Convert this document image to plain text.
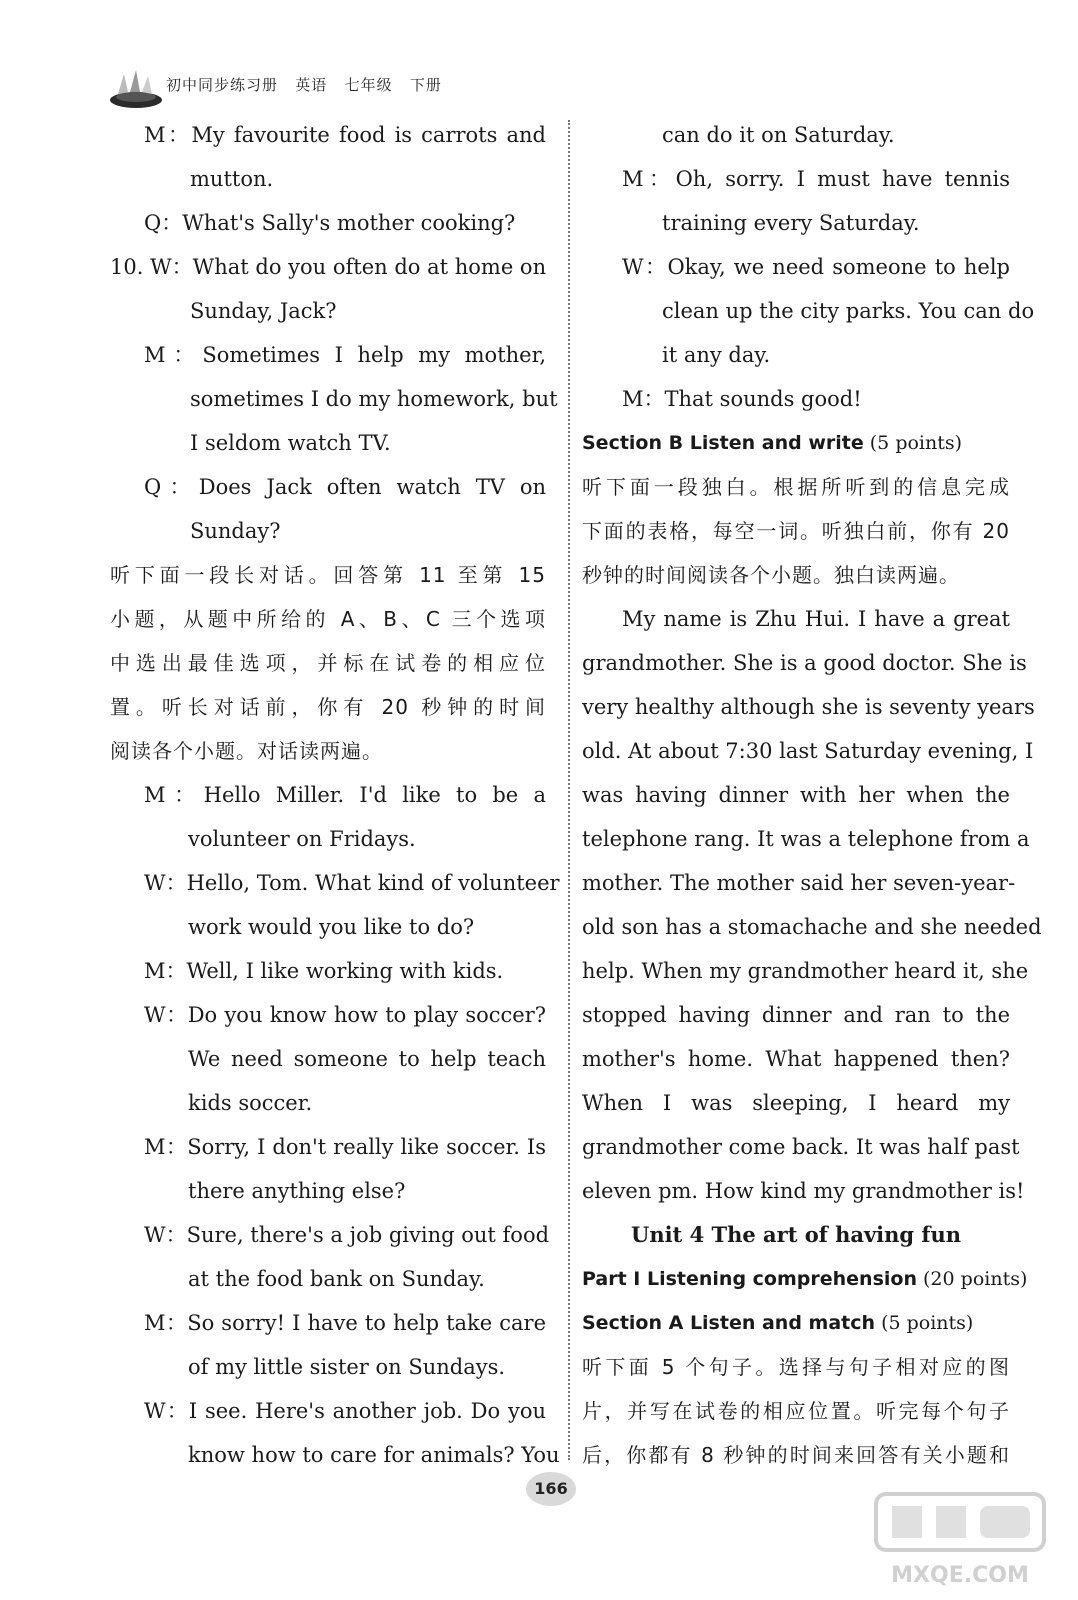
初中同步练习册   英语   七年级   下册
M：My favourite food is carrots and
mutton.
Q：What's Sally's mother cooking?
10. W：What do you often do at home on
Sunday, Jack?
M：Sometimes I help my mother,
sometimes I do my homework, but
I seldom watch TV.
Q：Does Jack often watch TV on
Sunday?
听下面一段长对话。回答第 11 至第 15
小题，从题中所给的 A、B、C 三个选项
中选出最佳选项，并标在试卷的相应位
置。听长对话前，你有 20 秒钟的时间
阅读各个小题。对话读两遍。
M：Hello Miller. I'd like to be a
volunteer on Fridays.
W：Hello, Tom. What kind of volunteer
work would you like to do?
M：Well, I like working with kids.
W：Do you know how to play soccer?
We need someone to help teach
kids soccer.
M：Sorry, I don't really like soccer. Is
there anything else?
W：Sure, there's a job giving out food
at the food bank on Sunday.
M：So sorry! I have to help take care
of my little sister on Sundays.
W：I see. Here's another job. Do you
know how to care for animals? You
can do it on Saturday.
M：Oh, sorry. I must have tennis
training every Saturday.
W：Okay, we need someone to help
clean up the city parks. You can do
it any day.
M：That sounds good!
Section B Listen and write (5 points)
听下面一段独白。根据所听到的信息完成
下面的表格，每空一词。听独白前，你有 20
秒钟的时间阅读各个小题。独白读两遍。
My name is Zhu Hui. I have a great
grandmother. She is a good doctor. She is
very healthy although she is seventy years
old. At about 7:30 last Saturday evening, I
was having dinner with her when the
telephone rang. It was a telephone from a
mother. The mother said her seven-year-
old son has a stomachache and she needed
help. When my grandmother heard it, she
stopped having dinner and ran to the
mother's home. What happened then?
When I was sleeping, I heard my
grandmother come back. It was half past
eleven pm. How kind my grandmother is!
Unit 4 The art of having fun
Part Ⅰ Listening comprehension (20 points)
Section A Listen and match (5 points)
听下面 5 个句子。选择与句子相对应的图
片，并写在试卷的相应位置。听完每个句子
后，你都有 8 秒钟的时间来回答有关小题和
166
MXQE.COM
